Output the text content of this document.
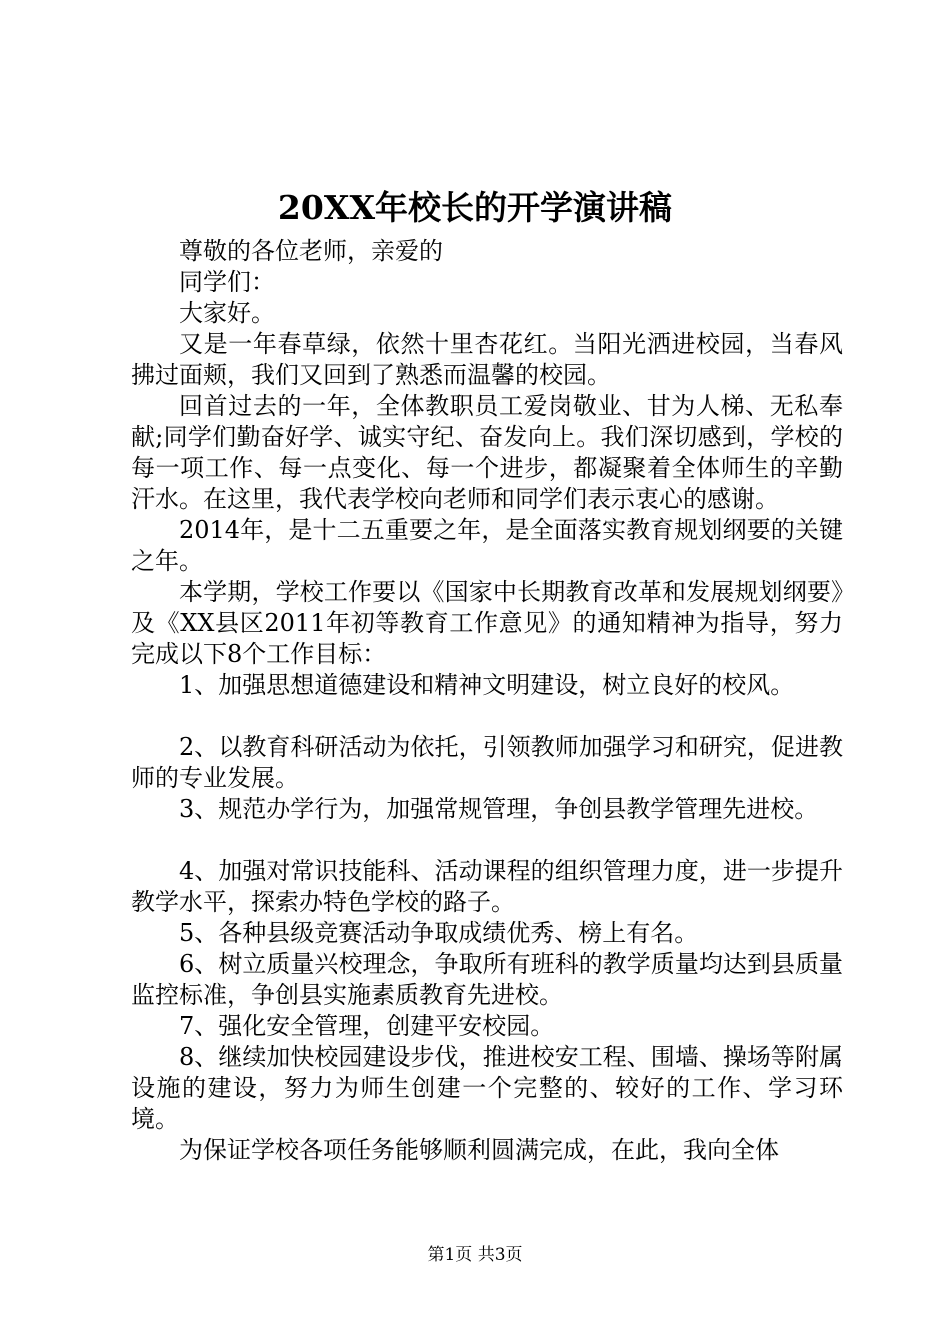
20XX年校长的开学演讲稿

尊敬的各位老师，亲爱的

同学们：

大家好。

又是一年春草绿，依然十里杏花红。当阳光洒进校园，当春风拂过面颊，我们又回到了熟悉而温馨的校园。

回首过去的一年，全体教职员工爱岗敬业、甘为人梯、无私奉献;同学们勤奋好学、诚实守纪、奋发向上。我们深切感到，学校的每一项工作、每一点变化、每一个进步，都凝聚着全体师生的辛勤汗水。在这里，我代表学校向老师和同学们表示衷心的感谢。

2014年，是十二五重要之年，是全面落实教育规划纲要的关键之年。

本学期，学校工作要以《国家中长期教育改革和发展规划纲要》及《XX县区2011年初等教育工作意见》的通知精神为指导，努力完成以下8个工作目标：

1、加强思想道德建设和精神文明建设，树立良好的校风。

2、以教育科研活动为依托，引领教师加强学习和研究，促进教师的专业发展。

3、规范办学行为，加强常规管理，争创县教学管理先进校。

4、加强对常识技能科、活动课程的组织管理力度，进一步提升教学水平，探索办特色学校的路子。

5、各种县级竞赛活动争取成绩优秀、榜上有名。

6、树立质量兴校理念，争取所有班科的教学质量均达到县质量监控标准，争创县实施素质教育先进校。

7、强化安全管理，创建平安校园。

8、继续加快校园建设步伐，推进校安工程、围墙、操场等附属设施的建设，努力为师生创建一个完整的、较好的工作、学习环境。

为保证学校各项任务能够顺利圆满完成，在此，我向全体

第1页 共3页
